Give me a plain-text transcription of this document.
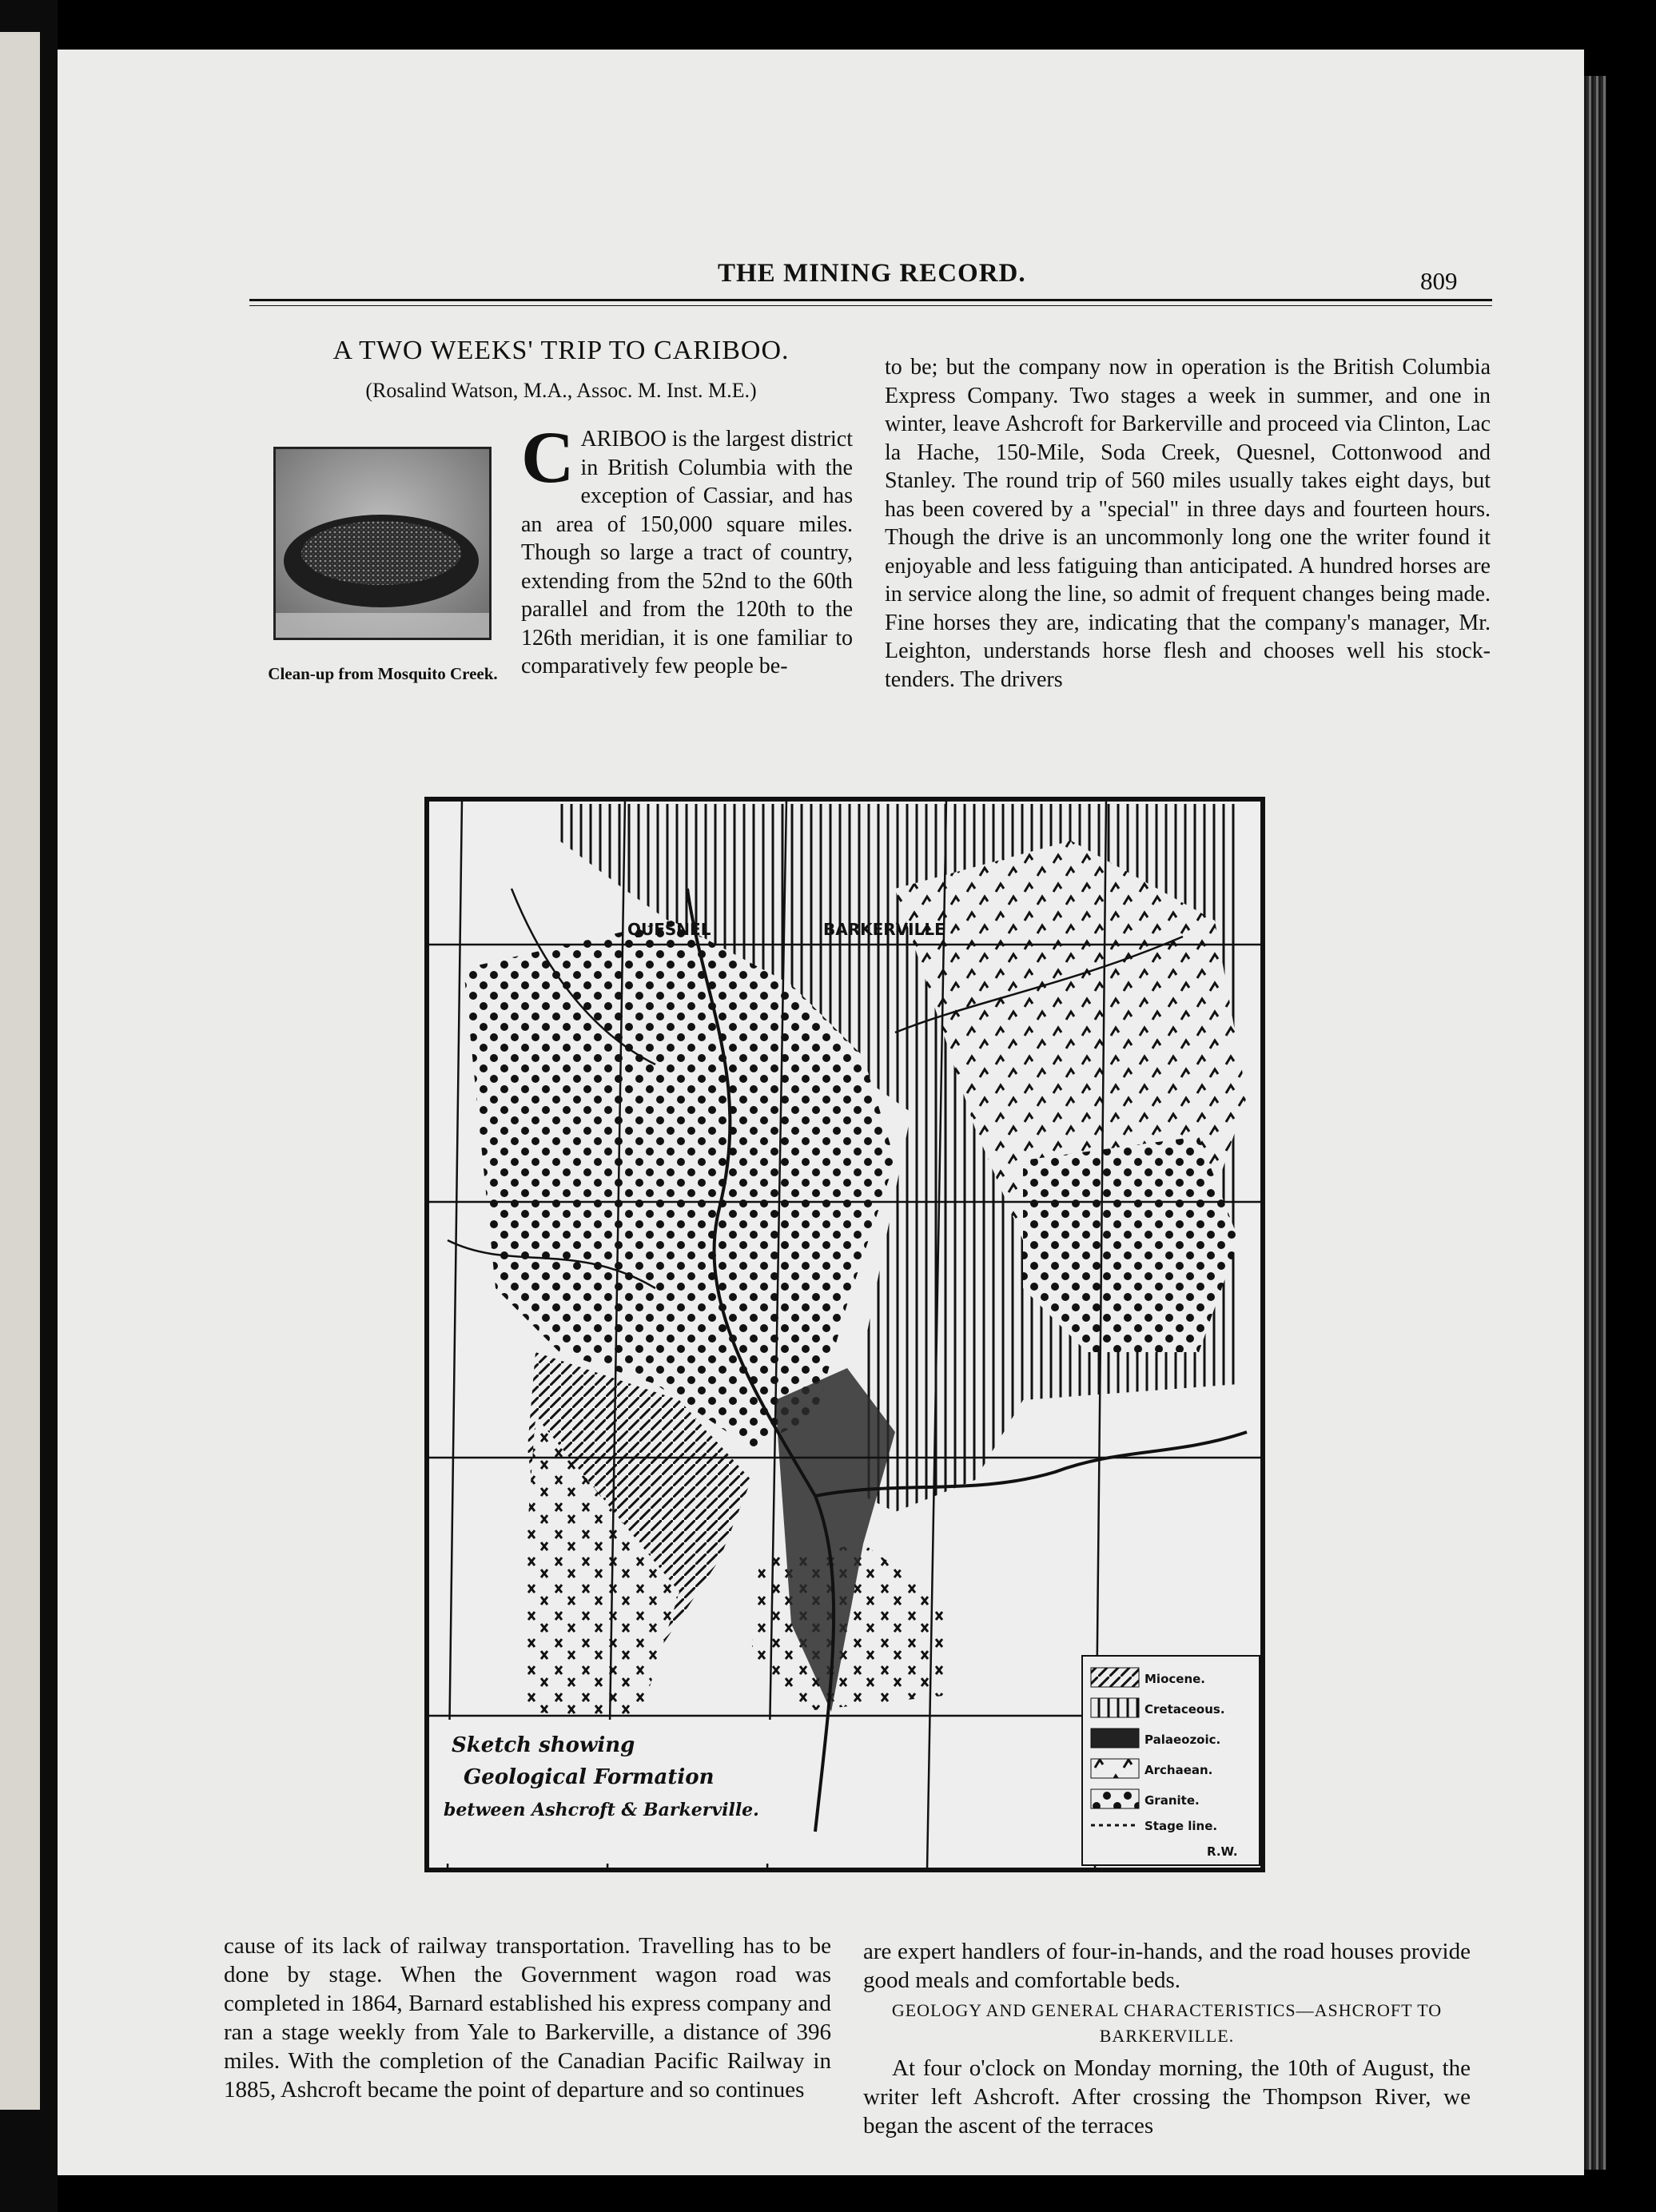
THE MINING RECORD.	809
A TWO WEEKS' TRIP TO CARIBOO.
(Rosalind Watson, M.A., Assoc. M. Inst. M.E.)
Clean-up from Mosquito Creek.
C ARIBOO is the largest district in British Columbia with the exception of Cassiar, and has an area of 150,000 square miles. Though so large a tract of country, extending from the 52nd to the 60th parallel and from the 120th to the 126th meridian, it is one familiar to comparatively few people be-

to be; but the company now in operation is the British Columbia Express Company. Two stages a week in summer, and one in winter, leave Ashcroft for Barkerville and proceed via Clinton, Lac la Hache, 150-Mile, Soda Creek, Quesnel, Cottonwood and Stanley. The round trip of 560 miles usually takes eight days, but has been covered by a "special" in three days and fourteen hours. Though the drive is an uncommonly long one the writer found it enjoyable and less fatiguing than anticipated. A hundred horses are in service along the line, so admit of frequent changes being made. Fine horses they are, indicating that the company's manager, Mr. Leighton, understands horse flesh and chooses well his stock-tenders. The drivers

QUESNEL	BARKERVILLE
Sketch showing
Geological Formation
between Ashcroft & Barkerville.
Miocene.
Cretaceous.
Palaeozoic.
Archaean.
Granite.
Stage line.
R.W.

cause of its lack of railway transportation. Travelling has to be done by stage. When the Government wagon road was completed in 1864, Barnard established his express company and ran a stage weekly from Yale to Barkerville, a distance of 396 miles. With the completion of the Canadian Pacific Railway in 1885, Ashcroft became the point of departure and so continues

are expert handlers of four-in-hands, and the road houses provide good meals and comfortable beds.

GEOLOGY AND GENERAL CHARACTERISTICS—ASHCROFT TO BARKERVILLE.

At four o'clock on Monday morning, the 10th of August, the writer left Ashcroft. After crossing the Thompson River, we began the ascent of the terraces
